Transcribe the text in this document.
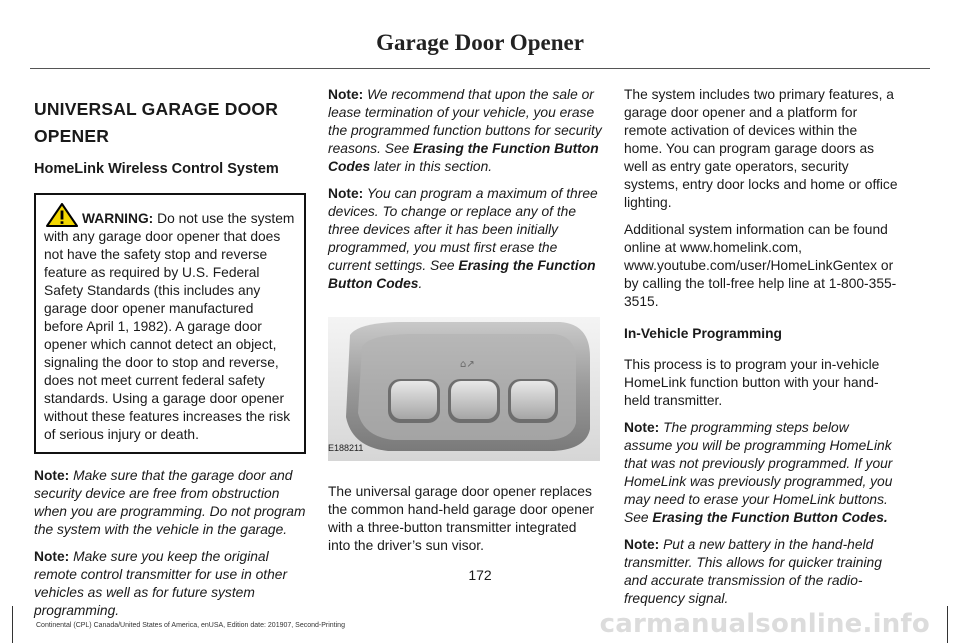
Garage Door Opener
UNIVERSAL GARAGE DOOR
OPENER
HomeLink Wireless Control System
WARNING: Do not use the system with any garage door opener that does not have the safety stop and reverse feature as required by U.S. Federal Safety Standards (this includes any garage door opener manufactured before April 1, 1982). A garage door opener which cannot detect an object, signaling the door to stop and reverse, does not meet current federal safety standards. Using a garage door opener without these features increases the risk of serious injury or death.

Note: Make sure that the garage door and security device are free from obstruction when you are programming. Do not program the system with the vehicle in the garage.

Note: Make sure you keep the original remote control transmitter for use in other vehicles as well as for future system programming.

Note: We recommend that upon the sale or lease termination of your vehicle, you erase the programmed function buttons for security reasons. See Erasing the Function Button Codes later in this section.

Note: You can program a maximum of three devices. To change or replace any of the three devices after it has been initially programmed, you must first erase the current settings. See Erasing the Function Button Codes.

⌂↗
E188211

The universal garage door opener replaces the common hand-held garage door opener with a three-button transmitter integrated into the driver’s sun visor.

The system includes two primary features, a garage door opener and a platform for remote activation of devices within the home. You can program garage doors as well as entry gate operators, security systems, entry door locks and home or office lighting.

Additional system information can be found online at www.homelink.com, www.youtube.com/user/HomeLinkGentex or by calling the toll-free help line at 1-800-355-3515.

In-Vehicle Programming

This process is to program your in-vehicle HomeLink function button with your hand-held transmitter.

Note: The programming steps below assume you will be programming HomeLink that was not previously programmed. If your HomeLink was previously programmed, you may need to erase your HomeLink buttons. See Erasing the Function Button Codes.

Note: Put a new battery in the hand-held transmitter. This allows for quicker training and accurate transmission of the radio-frequency signal.

172
Continental (CPL) Canada/United States of America, enUSA, Edition date: 201907, Second-Printing	carmanualsonline.info
